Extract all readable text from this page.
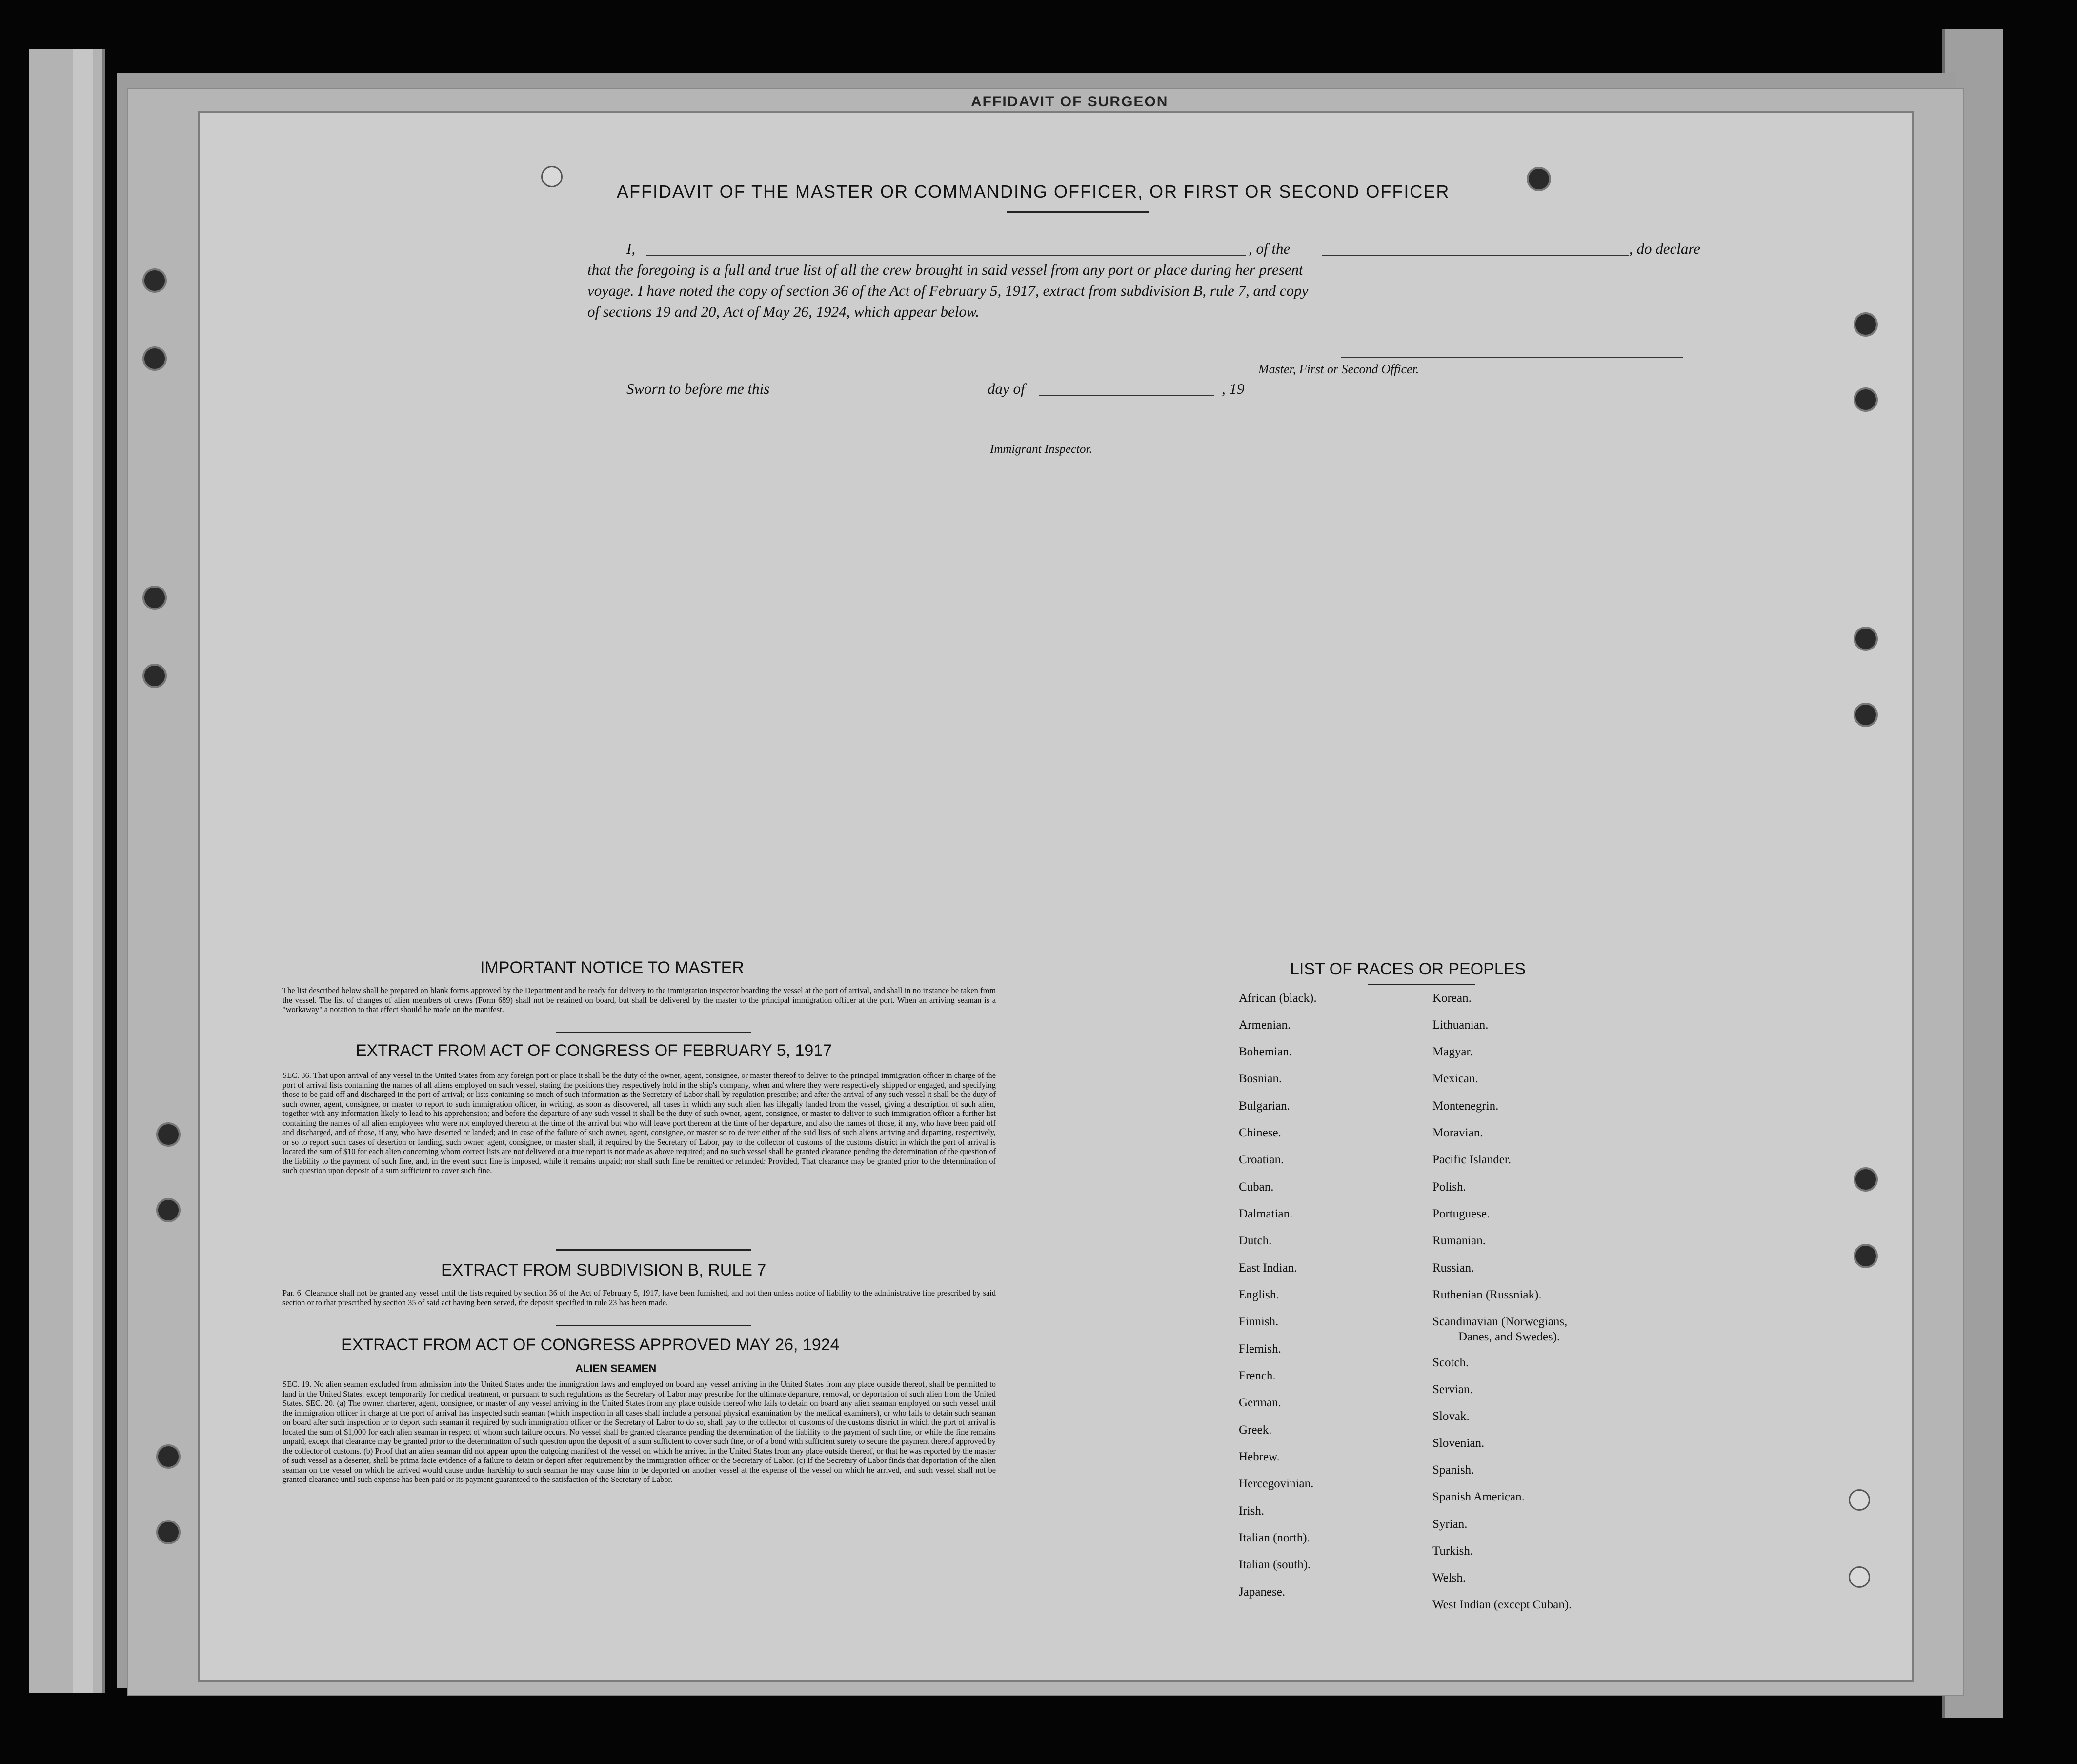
AFFIDAVIT OF SURGEON
AFFIDAVIT OF THE MASTER OR COMMANDING OFFICER, OR FIRST OR SECOND OFFICER
I,	, of the	, do declare
that the foregoing is a full and true list of all the crew brought in said vessel from any port or place during her present
voyage. I have noted the copy of section 36 of the Act of February 5, 1917, extract from subdivision B, rule 7, and copy
of sections 19 and 20, Act of May 26, 1924, which appear below.
Master, First or Second Officer.
Sworn to before me this	day of	, 19
Immigrant Inspector.
IMPORTANT NOTICE TO MASTER
The list described below shall be prepared on blank forms approved by the Department and be ready for delivery to the immigration inspector boarding the vessel at the port of arrival, and shall in no instance be taken from the vessel. The list of changes of alien members of crews (Form 689) shall not be retained on board, but shall be delivered by the master to the principal immigration officer at the port. When an arriving seaman is a "workaway" a notation to that effect should be made on the manifest.
EXTRACT FROM ACT OF CONGRESS OF FEBRUARY 5, 1917
SEC. 36. That upon arrival of any vessel in the United States from any foreign port or place it shall be the duty of the owner, agent, consignee, or master thereof to deliver to the principal immigration officer in charge of the port of arrival lists containing the names of all aliens employed on such vessel, stating the positions they respectively hold in the ship's company, when and where they were respectively shipped or engaged, and specifying those to be paid off and discharged in the port of arrival; or lists containing so much of such information as the Secretary of Labor shall by regulation prescribe; and after the arrival of any such vessel it shall be the duty of such owner, agent, consignee, or master to report to such immigration officer, in writing, as soon as discovered, all cases in which any such alien has illegally landed from the vessel, giving a description of such alien, together with any information likely to lead to his apprehension; and before the departure of any such vessel it shall be the duty of such owner, agent, consignee, or master to deliver to such immigration officer a further list containing the names of all alien employees who were not employed thereon at the time of the arrival but who will leave port thereon at the time of her departure, and also the names of those, if any, who have been paid off and discharged, and of those, if any, who have deserted or landed; and in case of the failure of such owner, agent, consignee, or master so to deliver either of the said lists of such aliens arriving and departing, respectively, or so to report such cases of desertion or landing, such owner, agent, consignee, or master shall, if required by the Secretary of Labor, pay to the collector of customs of the customs district in which the port of arrival is located the sum of $10 for each alien concerning whom correct lists are not delivered or a true report is not made as above required; and no such vessel shall be granted clearance pending the determination of the question of the liability to the payment of such fine, and, in the event such fine is imposed, while it remains unpaid; nor shall such fine be remitted or refunded: Provided, That clearance may be granted prior to the determination of such question upon deposit of a sum sufficient to cover such fine.
EXTRACT FROM SUBDIVISION B, RULE 7
Par. 6. Clearance shall not be granted any vessel until the lists required by section 36 of the Act of February 5, 1917, have been furnished, and not then unless notice of liability to the administrative fine prescribed by said section or to that prescribed by section 35 of said act having been served, the deposit specified in rule 23 has been made.
EXTRACT FROM ACT OF CONGRESS APPROVED MAY 26, 1924
ALIEN SEAMEN
SEC. 19. No alien seaman excluded from admission into the United States under the immigration laws and employed on board any vessel arriving in the United States from any place outside thereof, shall be permitted to land in the United States, except temporarily for medical treatment, or pursuant to such regulations as the Secretary of Labor may prescribe for the ultimate departure, removal, or deportation of such alien from the United States. SEC. 20. (a) The owner, charterer, agent, consignee, or master of any vessel arriving in the United States from any place outside thereof who fails to detain on board any alien seaman employed on such vessel until the immigration officer in charge at the port of arrival has inspected such seaman (which inspection in all cases shall include a personal physical examination by the medical examiners), or who fails to detain such seaman on board after such inspection or to deport such seaman if required by such immigration officer or the Secretary of Labor to do so, shall pay to the collector of customs of the customs district in which the port of arrival is located the sum of $1,000 for each alien seaman in respect of whom such failure occurs. No vessel shall be granted clearance pending the determination of the liability to the payment of such fine, or while the fine remains unpaid, except that clearance may be granted prior to the determination of such question upon the deposit of a sum sufficient to cover such fine, or of a bond with sufficient surety to secure the payment thereof approved by the collector of customs. (b) Proof that an alien seaman did not appear upon the outgoing manifest of the vessel on which he arrived in the United States from any place outside thereof, or that he was reported by the master of such vessel as a deserter, shall be prima facie evidence of a failure to detain or deport after requirement by the immigration officer or the Secretary of Labor. (c) If the Secretary of Labor finds that deportation of the alien seaman on the vessel on which he arrived would cause undue hardship to such seaman he may cause him to be deported on another vessel at the expense of the vessel on which he arrived, and such vessel shall not be granted clearance until such expense has been paid or its payment guaranteed to the satisfaction of the Secretary of Labor.
LIST OF RACES OR PEOPLES
African (black).
Armenian.
Bohemian.
Bosnian.
Bulgarian.
Chinese.
Croatian.
Cuban.
Dalmatian.
Dutch.
East Indian.
English.
Finnish.
Flemish.
French.
German.
Greek.
Hebrew.
Hercegovinian.
Irish.
Italian (north).
Italian (south).
Japanese.
Korean.
Lithuanian.
Magyar.
Mexican.
Montenegrin.
Moravian.
Pacific Islander.
Polish.
Portuguese.
Rumanian.
Russian.
Ruthenian (Russniak).
Scandinavian (Norwegians,
Danes, and Swedes).
Scotch.
Servian.
Slovak.
Slovenian.
Spanish.
Spanish American.
Syrian.
Turkish.
Welsh.
West Indian (except Cuban).
